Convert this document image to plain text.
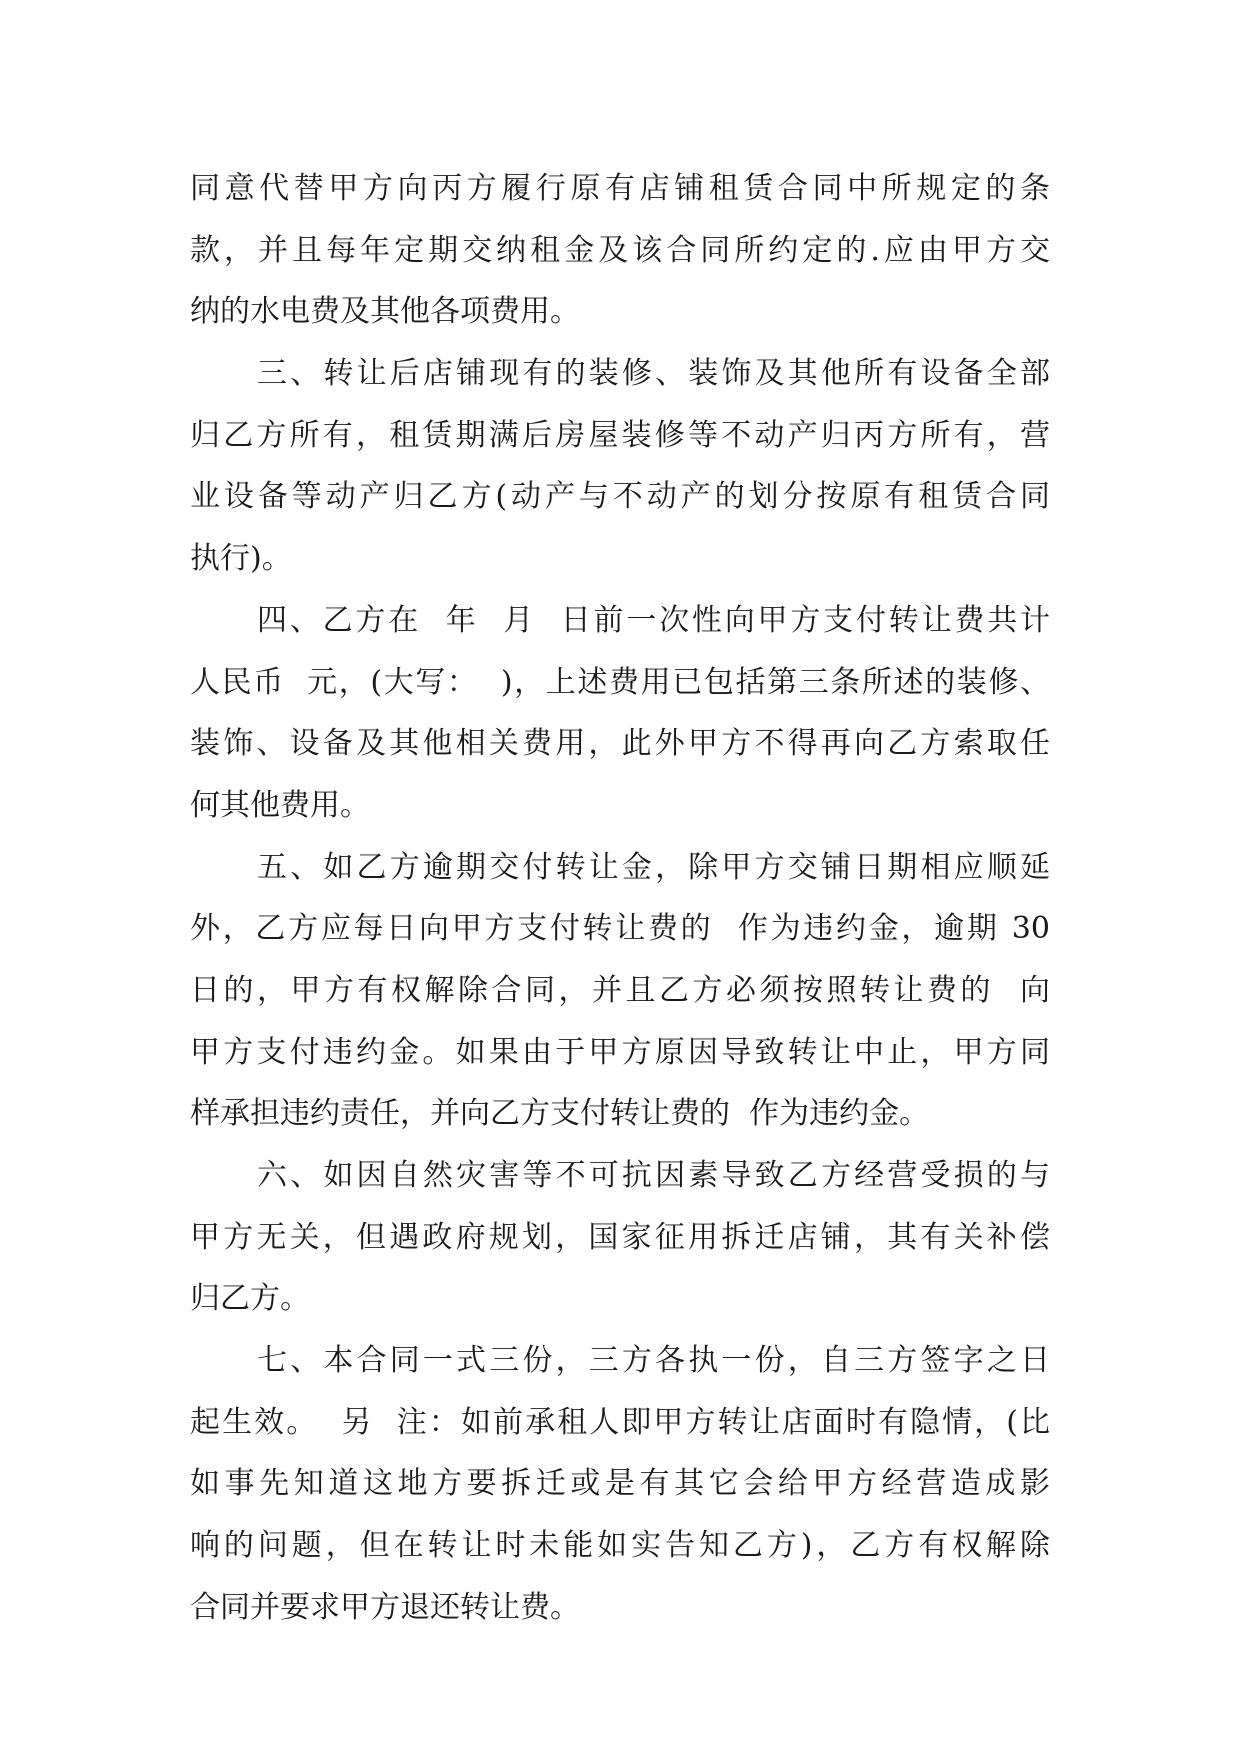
同意代替甲方向丙方履行原有店铺租赁合同中所规定的条
款，并且每年定期交纳租金及该合同所约定的.应由甲方交
纳的水电费及其他各项费用。
三、转让后店铺现有的装修、装饰及其他所有设备全部
归乙方所有，租赁期满后房屋装修等不动产归丙方所有，营
业设备等动产归乙方(动产与不动产的划分按原有租赁合同
执行)。
四、乙方在  年  月  日前一次性向甲方支付转让费共计
人民币  元，(大写：  )，上述费用已包括第三条所述的装修、
装饰、设备及其他相关费用，此外甲方不得再向乙方索取任
何其他费用。
五、如乙方逾期交付转让金，除甲方交铺日期相应顺延
外，乙方应每日向甲方支付转让费的  作为违约金，逾期 30
日的，甲方有权解除合同，并且乙方必须按照转让费的  向
甲方支付违约金。如果由于甲方原因导致转让中止，甲方同
样承担违约责任，并向乙方支付转让费的  作为违约金。
六、如因自然灾害等不可抗因素导致乙方经营受损的与
甲方无关，但遇政府规划，国家征用拆迁店铺，其有关补偿
归乙方。
七、本合同一式三份，三方各执一份，自三方签字之日
起生效。  另  注：如前承租人即甲方转让店面时有隐情，(比
如事先知道这地方要拆迁或是有其它会给甲方经营造成影
响的问题，但在转让时未能如实告知乙方)，乙方有权解除
合同并要求甲方退还转让费。
